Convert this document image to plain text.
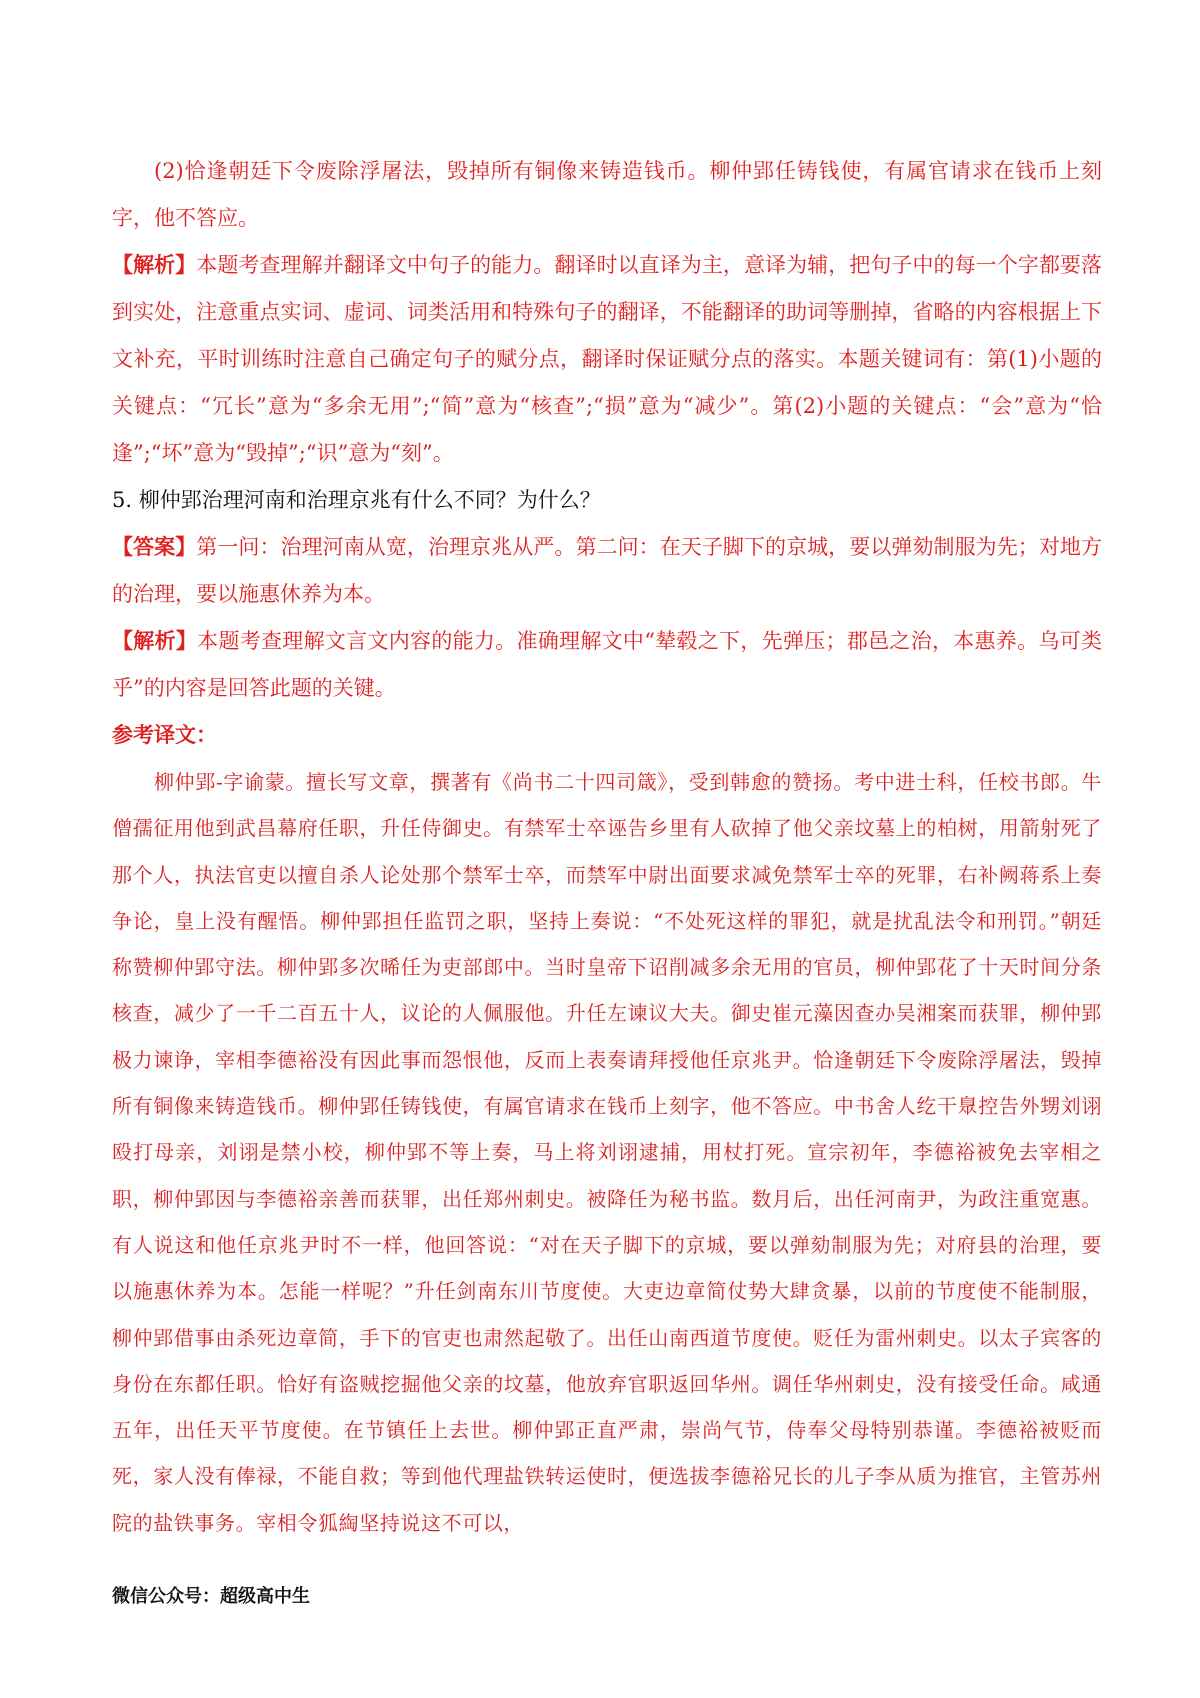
(2)恰逢朝廷下令废除浮屠法，毁掉所有铜像来铸造钱币。柳仲郢任铸钱使，有属官请求在钱币上刻字，他不答应。

【解析】本题考查理解并翻译文中句子的能力。翻译时以直译为主，意译为辅，把句子中的每一个字都要落到实处，注意重点实词、虚词、词类活用和特殊句子的翻译，不能翻译的助词等删掉，省略的内容根据上下文补充，平时训练时注意自己确定句子的赋分点，翻译时保证赋分点的落实。本题关键词有：第(1)小题的关键点：“冗长”意为“多余无用”;“简”意为“核查”;“损”意为“减少”。第(2)小题的关键点：“会”意为“恰逢”;“坏”意为“毁掉”;“识”意为“刻”。

5. 柳仲郢治理河南和治理京兆有什么不同？为什么？

【答案】第一问：治理河南从宽，治理京兆从严。第二问：在天子脚下的京城，要以弹劾制服为先；对地方的治理，要以施惠休养为本。

【解析】本题考查理解文言文内容的能力。准确理解文中“辇毂之下，先弹压；郡邑之治，本惠养。乌可类乎”的内容是回答此题的关键。

参考译文：

柳仲郢-字谕蒙。擅长写文章，撰著有《尚书二十四司箴》，受到韩愈的赞扬。考中进士科，任校书郎。牛僧孺征用他到武昌幕府任职，升任侍御史。有禁军士卒诬告乡里有人砍掉了他父亲坟墓上的柏树，用箭射死了那个人，执法官吏以擅自杀人论处那个禁军士卒，而禁军中尉出面要求减免禁军士卒的死罪，右补阙蒋系上奏争论，皇上没有醒悟。柳仲郢担任监罚之职，坚持上奏说：“不处死这样的罪犯，就是扰乱法令和刑罚。”朝廷称赞柳仲郢守法。柳仲郢多次晞任为吏部郎中。当时皇帝下诏削减多余无用的官员，柳仲郢花了十天时间分条核查，减少了一千二百五十人，议论的人佩服他。升任左谏议大夫。御史崔元藻因查办吴湘案而获罪，柳仲郢极力谏诤，宰相李德裕没有因此事而怨恨他，反而上表奏请拜授他任京兆尹。恰逢朝廷下令废除浮屠法，毁掉所有铜像来铸造钱币。柳仲郢任铸钱使，有属官请求在钱币上刻字，他不答应。中书舍人纥干臮控告外甥刘诩殴打母亲，刘诩是禁小校，柳仲郢不等上奏，马上将刘诩逮捕，用杖打死。宣宗初年，李德裕被免去宰相之职，柳仲郢因与李德裕亲善而获罪，出任郑州刺史。被降任为秘书监。数月后，出任河南尹，为政注重宽惠。有人说这和他任京兆尹时不一样，他回答说：“对在天子脚下的京城，要以弹劾制服为先；对府县的治理，要以施惠休养为本。怎能一样呢？”升任剑南东川节度使。大吏边章简仗势大肆贪暴，以前的节度使不能制服，柳仲郢借事由杀死边章简，手下的官吏也肃然起敬了。出任山南西道节度使。贬任为雷州刺史。以太子宾客的身份在东都任职。恰好有盗贼挖掘他父亲的坟墓，他放弃官职返回华州。调任华州刺史，没有接受任命。咸通五年，出任天平节度使。在节镇任上去世。柳仲郢正直严肃，崇尚气节，侍奉父母特别恭谨。李德裕被贬而死，家人没有俸禄，不能自救；等到他代理盐铁转运使时，便选拔李德裕兄长的儿子李从质为推官，主管苏州院的盐铁事务。宰相令狐綯坚持说这不可以，

微信公众号：超级高中生
